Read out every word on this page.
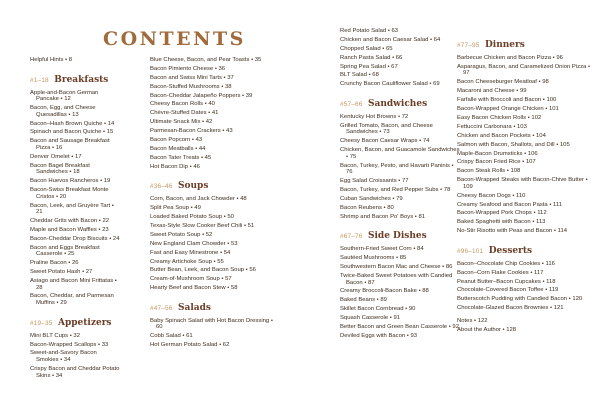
CONTENTS

Helpful Hints • 8

#1–18 Breakfasts

Apple-and-Bacon German Pancake • 12

Bacon, Egg, and Cheese Quesadillas • 13

Bacon–Hash Brown Quiche • 14

Spinach and Bacon Quiche • 15

Bacon and Sausage Breakfast Pizza • 16

Denver Omelet • 17

Bacon Bagel Breakfast Sandwiches • 18

Bacon Huevos Rancheros • 19

Bacon-Swiss Breakfast Monte Cristos • 20

Bacon, Leek, and Gruyère Tart • 21

Cheddar Grits with Bacon • 22

Maple and Bacon Waffles • 23

Bacon-Cheddar Drop Biscuits • 24

Bacon and Eggs Breakfast Casserole • 25

Praline Bacon • 26

Sweet Potato Hash • 27

Asiago and Bacon Mini Frittatas • 28

Bacon, Cheddar, and Parmesan Muffins • 29

#19–35 Appetizers

Mini BLT Cups • 32

Bacon-Wrapped Scallops • 33

Sweet-and-Savory Bacon Smokies • 34

Crispy Bacon and Cheddar Potato Skins • 34

Blue Cheese, Bacon, and Pear Toasts • 35

Bacon Pimiento Cheese • 36

Bacon and Swiss Mini Tarts • 37

Bacon-Stuffed Mushrooms • 38

Bacon-Cheddar Jalapeño Poppers • 39

Cheesy Bacon Rolls • 40

Chèvre-Stuffed Dates • 41

Ultimate Snack Mix • 42

Parmesan-Bacon Crackers • 43

Bacon Popcorn • 43

Bacon Meatballs • 44

Bacon Tater Treats • 45

Hot Bacon Dip • 46

#36–46 Soups

Corn, Bacon, and Jack Chowder • 48

Split Pea Soup • 49

Loaded Baked Potato Soup • 50

Texas-Style Slow Cooker Beef Chili • 51

Sweet Potato Soup • 52

New England Clam Chowder • 53

Fast and Easy Minestrone • 54

Creamy Artichoke Soup • 55

Butter Bean, Leek, and Bacon Soup • 56

Cream-of-Mushroom Soup • 57

Hearty Beef and Bacon Stew • 58

#47–56 Salads

Baby Spinach Salad with Hot Bacon Dressing • 60

Cobb Salad • 61

Hot German Potato Salad • 62

Red Potato Salad • 63

Chicken and Bacon Caesar Salad • 64

Chopped Salad • 65

Ranch Pasta Salad • 66

Spring Pea Salad • 67

BLT Salad • 68

Crunchy Bacon Cauliflower Salad • 69

#57–66 Sandwiches

Kentucky Hot Browns • 72

Grilled Tomato, Bacon, and Cheese Sandwiches • 73

Cheesy Bacon Caesar Wraps • 74

Chicken, Bacon, and Guacamole Sandwiches • 75

Bacon, Turkey, Pesto, and Havarti Paninis • 76

Egg Salad Croissants • 77

Bacon, Turkey, and Red Pepper Subs • 78

Cuban Sandwiches • 79

Bacon Reubens • 80

Shrimp and Bacon Po' Boys • 81

#67–76 Side Dishes

Southern-Fried Sweet Corn • 84

Sautéed Mushrooms • 85

Southwestern Bacon Mac and Cheese • 86

Twice-Baked Sweet Potatoes with Candied Bacon • 87

Creamy Broccoli-Bacon Bake • 88

Baked Beans • 89

Skillet Bacon Cornbread • 90

Squash Casserole • 91

Better Bacon and Green Bean Casserole • 92

Deviled Eggs with Bacon • 93

#77–95 Dinners

Barbecue Chicken and Bacon Pizza • 96

Asparagus, Bacon, and Caramelized Onion Pizza • 97

Bacon Cheeseburger Meatloaf • 98

Macaroni and Cheese • 99

Farfalle with Broccoli and Bacon • 100

Bacon-Wrapped Orange Chicken • 101

Easy Bacon Chicken Rolls • 102

Fettuccini Carbonara • 103

Chicken and Bacon Pockets • 104

Salmon with Bacon, Shallots, and Dill • 105

Maple-Bacon Drumsticks • 106

Crispy Bacon Fried Rice • 107

Bacon Steak Rolls • 108

Bacon-Wrapped Steaks with Bacon-Chive Butter • 109

Cheesy Bacon Dogs • 110

Creamy Seafood and Bacon Pasta • 111

Bacon-Wrapped Pork Chops • 112

Baked Spaghetti with Bacon • 113

No-Stir Risotto with Peas and Bacon • 114

#96–101 Desserts

Bacon–Chocolate Chip Cookies • 116

Bacon–Corn Flake Cookies • 117

Peanut Butter–Bacon Cupcakes • 118

Chocolate-Covered Bacon Toffee • 119

Butterscotch Pudding with Candied Bacon • 120

Chocolate-Glazed Bacon Brownies • 121

Notes • 122

About the Author • 128
